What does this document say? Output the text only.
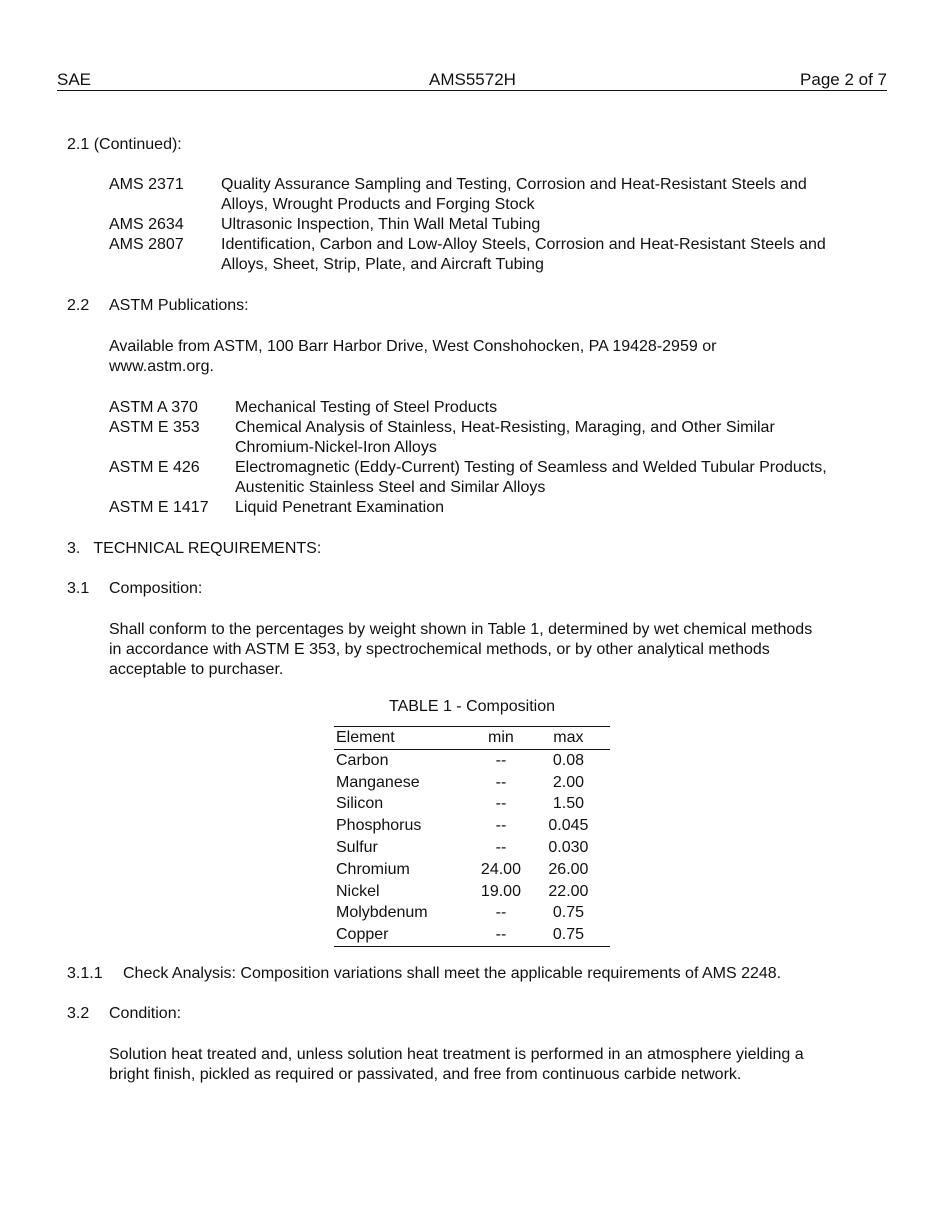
SAE	AMS5572H	Page 2 of 7
2.1 (Continued):
AMS 2371 Quality Assurance Sampling and Testing, Corrosion and Heat-Resistant Steels and
Alloys, Wrought Products and Forging Stock
AMS 2634 Ultrasonic Inspection, Thin Wall Metal Tubing
AMS 2807 Identification, Carbon and Low-Alloy Steels, Corrosion and Heat-Resistant Steels and
Alloys, Sheet, Strip, Plate, and Aircraft Tubing
2.2 ASTM Publications:
Available from ASTM, 100 Barr Harbor Drive, West Conshohocken, PA 19428-2959 or
www.astm.org.
ASTM A 370 Mechanical Testing of Steel Products
ASTM E 353 Chemical Analysis of Stainless, Heat-Resisting, Maraging, and Other Similar
Chromium-Nickel-Iron Alloys
ASTM E 426 Electromagnetic (Eddy-Current) Testing of Seamless and Welded Tubular Products,
Austenitic Stainless Steel and Similar Alloys
ASTM E 1417 Liquid Penetrant Examination
3.   TECHNICAL REQUIREMENTS:
3.1 Composition:
Shall conform to the percentages by weight shown in Table 1, determined by wet chemical methods
in accordance with ASTM E 353, by spectrochemical methods, or by other analytical methods
acceptable to purchaser.
TABLE 1 - Composition
Element	min	max
Carbon	--	0.08
Manganese	--	2.00
Silicon	--	1.50
Phosphorus	--	0.045
Sulfur	--	0.030
Chromium	24.00	26.00
Nickel	19.00	22.00
Molybdenum	--	0.75
Copper	--	0.75
3.1.1 Check Analysis: Composition variations shall meet the applicable requirements of AMS 2248.
3.2 Condition:
Solution heat treated and, unless solution heat treatment is performed in an atmosphere yielding a
bright finish, pickled as required or passivated, and free from continuous carbide network.
